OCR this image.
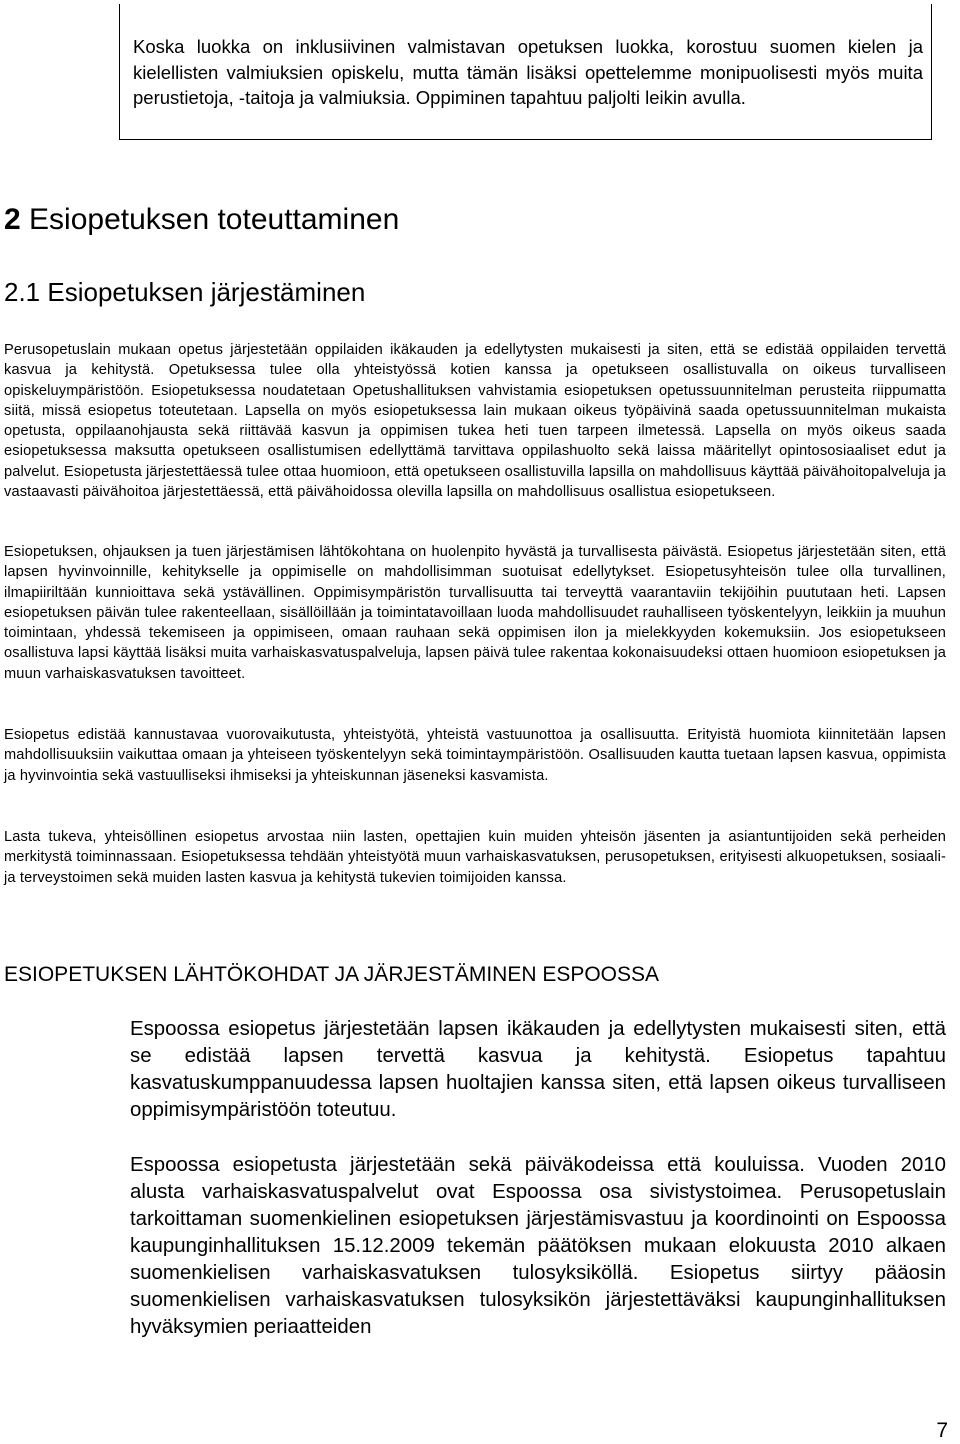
Koska luokka on inklusiivinen valmistavan opetuksen luokka, korostuu suomen kielen ja kielellisten valmiuksien opiskelu, mutta tämän lisäksi opettelemme monipuolisesti myös muita perustietoja, -taitoja ja valmiuksia. Oppiminen tapahtuu paljolti leikin avulla.
2 Esiopetuksen toteuttaminen
2.1 Esiopetuksen järjestäminen
Perusopetuslain mukaan opetus järjestetään oppilaiden ikäkauden ja edellytysten mukaisesti ja siten, että se edistää oppilaiden tervettä kasvua ja kehitystä. Opetuksessa tulee olla yhteistyössä kotien kanssa ja opetukseen osallistuvalla on oikeus turvalliseen opiskeluympäristöön. Esiopetuksessa noudatetaan Opetushallituksen vahvistamia esiopetuksen opetussuunnitelman perusteita riippumatta siitä, missä esiopetus toteutetaan. Lapsella on myös esiopetuksessa lain mukaan oikeus työpäivinä saada opetussuunnitelman mukaista opetusta, oppilaanohjausta sekä riittävää kasvun ja oppimisen tukea heti tuen tarpeen ilmetessä. Lapsella on myös oikeus saada esiopetuksessa maksutta opetukseen osallistumisen edellyttämä tarvittava oppilashuolto sekä laissa määritellyt opintososiaaliset edut ja palvelut. Esiopetusta järjestettäessä tulee ottaa huomioon, että opetukseen osallistuvilla lapsilla on mahdollisuus käyttää päivähoitopalveluja ja vastaavasti päivähoitoa järjestettäessä, että päivähoidossa olevilla lapsilla on mahdollisuus osallistua esiopetukseen.
Esiopetuksen, ohjauksen ja tuen järjestämisen lähtökohtana on huolenpito hyvästä ja turvallisesta päivästä. Esiopetus järjestetään siten, että lapsen hyvinvoinnille, kehitykselle ja oppimiselle on mahdollisimman suotuisat edellytykset. Esiopetusyhteisön tulee olla turvallinen, ilmapiiriltään kunnioittava sekä ystävällinen. Oppimisympäristön turvallisuutta tai terveyttä vaarantaviin tekijöihin puututaan heti. Lapsen esiopetuksen päivän tulee rakenteellaan, sisällöillään ja toimintatavoillaan luoda mahdollisuudet rauhalliseen työskentelyyn, leikkiin ja muuhun toimintaan, yhdessä tekemiseen ja oppimiseen, omaan rauhaan sekä oppimisen ilon ja mielekkyyden kokemuksiin. Jos esiopetukseen osallistuva lapsi käyttää lisäksi muita varhaiskasvatuspalveluja, lapsen päivä tulee rakentaa kokonaisuudeksi ottaen huomioon esiopetuksen ja muun varhaiskasvatuksen tavoitteet.
Esiopetus edistää kannustavaa vuorovaikutusta, yhteistyötä, yhteistä vastuunottoa ja osallisuutta. Erityistä huomiota kiinnitetään lapsen mahdollisuuksiin vaikuttaa omaan ja yhteiseen työskentelyyn sekä toimintaympäristöön. Osallisuuden kautta tuetaan lapsen kasvua, oppimista ja hyvinvointia sekä vastuulliseksi ihmiseksi ja yhteiskunnan jäseneksi kasvamista.
Lasta tukeva, yhteisöllinen esiopetus arvostaa niin lasten, opettajien kuin muiden yhteisön jäsenten ja asiantuntijoiden sekä perheiden merkitystä toiminnassaan. Esiopetuksessa tehdään yhteistyötä muun varhaiskasvatuksen, perusopetuksen, erityisesti alkuopetuksen, sosiaali- ja terveystoimen sekä muiden lasten kasvua ja kehitystä tukevien toimijoiden kanssa.
ESIOPETUKSEN LÄHTÖKOHDAT JA JÄRJESTÄMINEN ESPOOSSA
Espoossa esiopetus järjestetään lapsen ikäkauden ja edellytysten mukaisesti siten, että se edistää lapsen tervettä kasvua ja kehitystä. Esiopetus tapahtuu kasvatuskumppanuudessa lapsen huoltajien kanssa siten, että lapsen oikeus turvalliseen oppimisympäristöön toteutuu.
Espoossa esiopetusta järjestetään sekä päiväkodeissa että kouluissa. Vuoden 2010 alusta varhaiskasvatuspalvelut ovat Espoossa osa sivistystoimea. Perusopetuslain tarkoittaman suomenkielinen esiopetuksen järjestämisvastuu ja koordinointi on Espoossa kaupunginhallituksen 15.12.2009 tekemän päätöksen mukaan elokuusta 2010 alkaen suomenkielisen varhaiskasvatuksen tulosyksiköllä. Esiopetus siirtyy pääosin suomenkielisen varhaiskasvatuksen tulosyksikön järjestettäväksi kaupunginhallituksen hyväksymien periaatteiden
7
